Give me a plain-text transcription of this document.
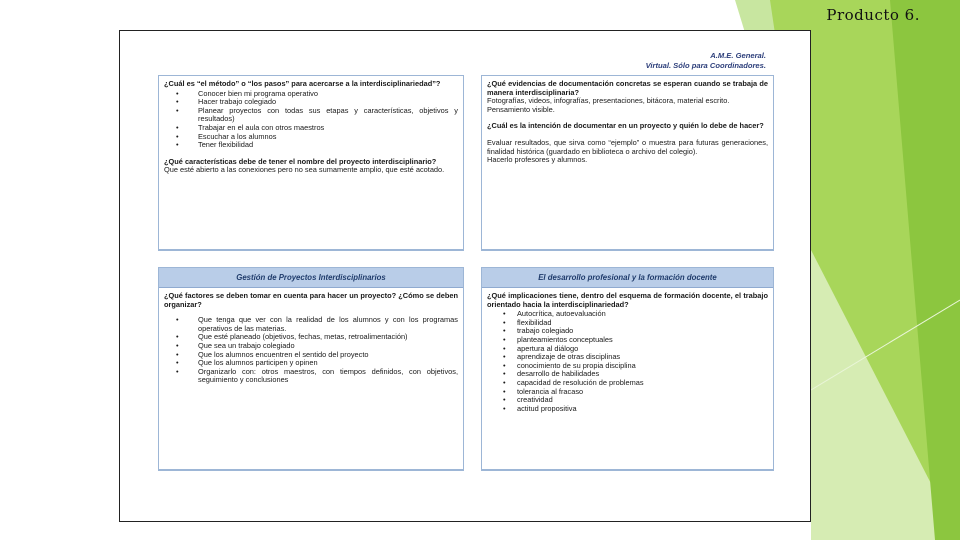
Producto 6.
A.M.E. General.
Virtual. Sólo para Coordinadores.
¿Cuál es “el método” o “los pasos” para acercarse a la interdisciplinariedad”?
• Conocer bien mi programa operativo
• Hacer trabajo colegiado
• Planear proyectos con todas sus etapas y características, objetivos y resultados)
• Trabajar en el aula con otros maestros
• Escuchar a los alumnos
• Tener flexibilidad
¿Qué características debe de tener el nombre del proyecto interdisciplinario?
Que esté abierto a las conexiones pero no sea sumamente amplio, que esté acotado.
¿Qué evidencias de documentación concretas se esperan cuando se trabaja de manera interdisciplinaria?
Fotografías, videos, infografías, presentaciones, bitácora, material escrito.
Pensamiento visible.
¿Cuál es la intención de documentar en un proyecto y quién lo debe de hacer?
Evaluar resultados, que sirva como “ejemplo” o muestra para futuras generaciones, finalidad histórica (guardado en biblioteca o archivo del colegio).
Hacerlo profesores y alumnos.
Gestión de Proyectos Interdisciplinarios
¿Qué factores se deben tomar en cuenta para hacer un proyecto? ¿Cómo se deben organizar?
• Que tenga que ver con la realidad de los alumnos y con los programas operativos de las materias.
• Que esté planeado (objetivos, fechas, metas, retroalimentación)
• Que sea un trabajo colegiado
• Que los alumnos encuentren el sentido del proyecto
• Que los alumnos participen y opinen
• Organizarlo con: otros maestros, con tiempos definidos, con objetivos, seguimiento y conclusiones
El desarrollo profesional y la formación docente
¿Qué implicaciones tiene, dentro del esquema de formación docente, el trabajo orientado hacia la interdisciplinariedad?
• Autocrítica, autoevaluación
• flexibilidad
• trabajo colegiado
• planteamientos conceptuales
• apertura al diálogo
• aprendizaje de otras disciplinas
• conocimiento de su propia disciplina
• desarrollo de habilidades
• capacidad de resolución de problemas
• tolerancia al fracaso
• creatividad
• actitud propositiva
